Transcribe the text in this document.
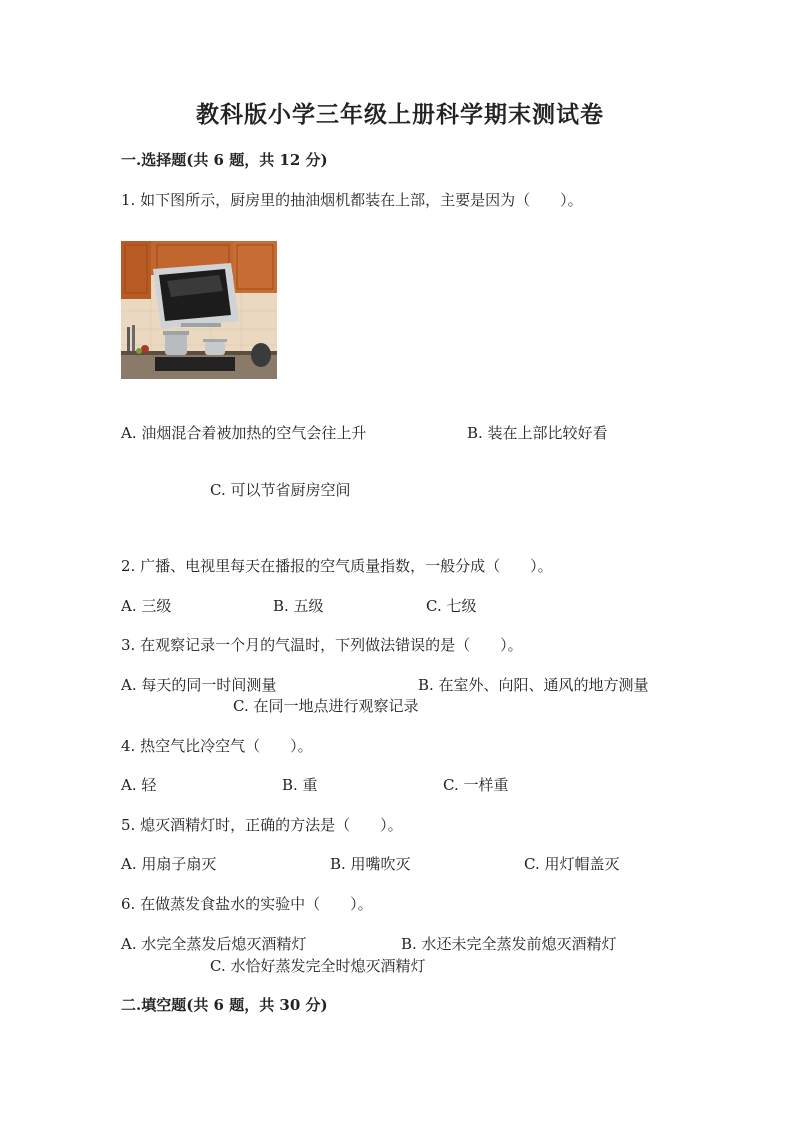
教科版小学三年级上册科学期末测试卷
一.选择题(共 6 题，共 12 分)
1. 如下图所示，厨房里的抽油烟机都装在上部，主要是因为（　　）。
A. 油烟混合着被加热的空气会往上升	B. 装在上部比较好看
C. 可以节省厨房空间
2. 广播、电视里每天在播报的空气质量指数，一般分成（　　）。
A. 三级	B. 五级	C. 七级
3. 在观察记录一个月的气温时，下列做法错误的是（　　）。
A. 每天的同一时间测量	B. 在室外、向阳、通风的地方测量
C. 在同一地点进行观察记录
4. 热空气比冷空气（　　）。
A. 轻	B. 重	C. 一样重
5. 熄灭酒精灯时，正确的方法是（　　）。
A. 用扇子扇灭	B. 用嘴吹灭	C. 用灯帽盖灭
6. 在做蒸发食盐水的实验中（　　）。
A. 水完全蒸发后熄灭酒精灯	B. 水还未完全蒸发前熄灭酒精灯
C. 水恰好蒸发完全时熄灭酒精灯
二.填空题(共 6 题，共 30 分)
